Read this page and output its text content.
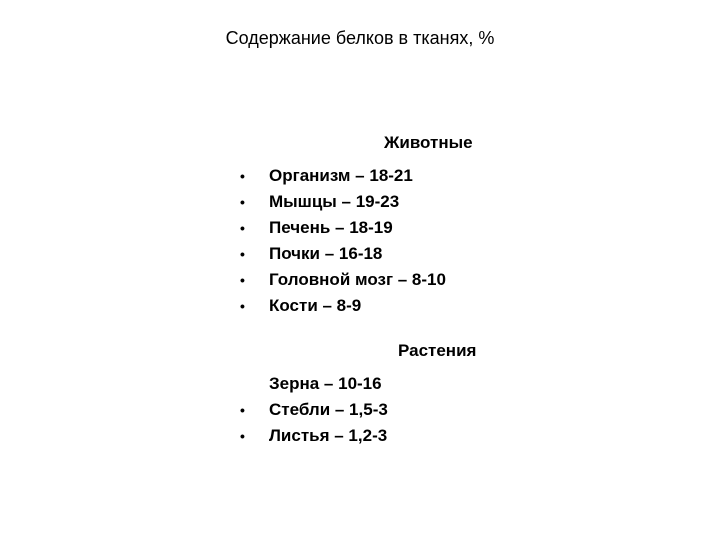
Содержание белков в тканях, %
Животные
•	Организм – 18-21
•	Мышцы – 19-23
•	Печень – 18-19
•	Почки – 16-18
•	Головной мозг – 8-10
•	Кости – 8-9
Растения
Зерна – 10-16
•	Стебли – 1,5-3
•	Листья – 1,2-3
